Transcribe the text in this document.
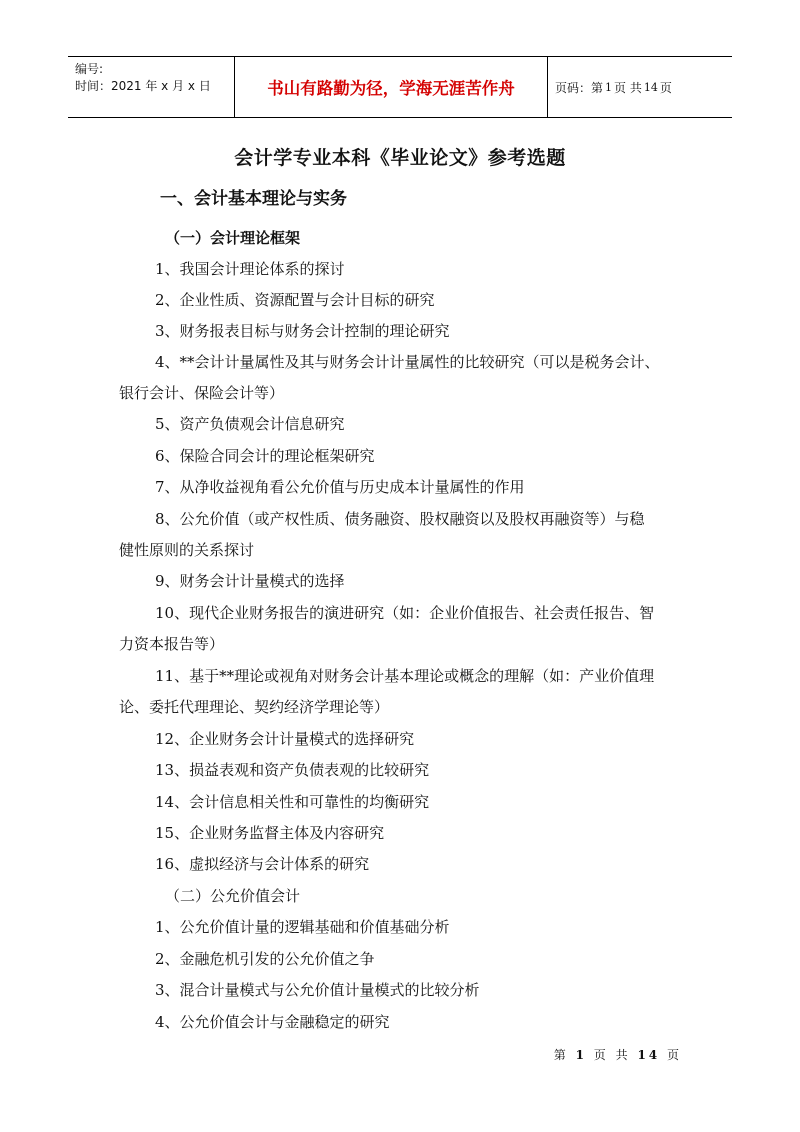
编号:
时间：2021 年 x 月 x 日	书山有路勤为径，学海无涯苦作舟	页码：第 1 页 共 14 页
会计学专业本科《毕业论文》参考选题
一、会计基本理论与实务
（一）会计理论框架
1、我国会计理论体系的探讨
2、企业性质、资源配置与会计目标的研究
3、财务报表目标与财务会计控制的理论研究
4、**会计计量属性及其与财务会计计量属性的比较研究（可以是税务会计、
银行会计、保险会计等）
5、资产负债观会计信息研究
6、保险合同会计的理论框架研究
7、从净收益视角看公允价值与历史成本计量属性的作用
8、公允价值（或产权性质、债务融资、股权融资以及股权再融资等）与稳
健性原则的关系探讨
9、财务会计计量模式的选择
10、现代企业财务报告的演进研究（如：企业价值报告、社会责任报告、智
力资本报告等）
11、基于**理论或视角对财务会计基本理论或概念的理解（如：产业价值理
论、委托代理理论、契约经济学理论等）
12、企业财务会计计量模式的选择研究
13、损益表观和资产负债表观的比较研究
14、会计信息相关性和可靠性的均衡研究
15、企业财务监督主体及内容研究
16、虚拟经济与会计体系的研究
（二）公允价值会计
1、公允价值计量的逻辑基础和价值基础分析
2、金融危机引发的公允价值之争
3、混合计量模式与公允价值计量模式的比较分析
4、公允价值会计与金融稳定的研究
第 1 页 共 14 页
